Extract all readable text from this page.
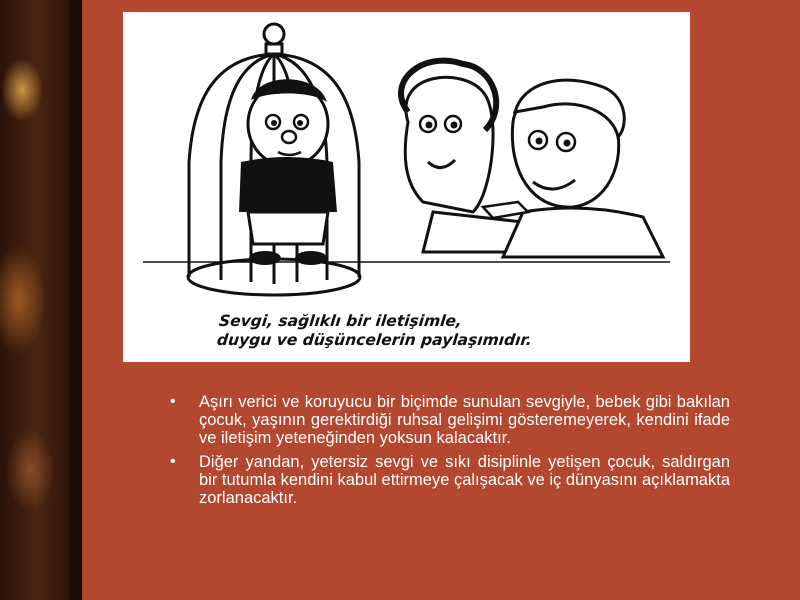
Sevgi, sağlıklı bir iletişimle,
duygu ve düşüncelerin paylaşımıdır.
• Aşırı verici ve koruyucu bir biçimde sunulan sevgiyle, bebek gibi bakılan çocuk, yaşının gerektirdiği ruhsal gelişimi gösteremeyerek, kendini ifade ve iletişim yeteneğinden yoksun kalacaktır.
• Diğer yandan, yetersiz sevgi ve sıkı disiplinle yetişen çocuk, saldırgan bir tutumla kendini kabul ettirmeye çalışacak ve iç dünyasını açıklamakta zorlanacaktır.
